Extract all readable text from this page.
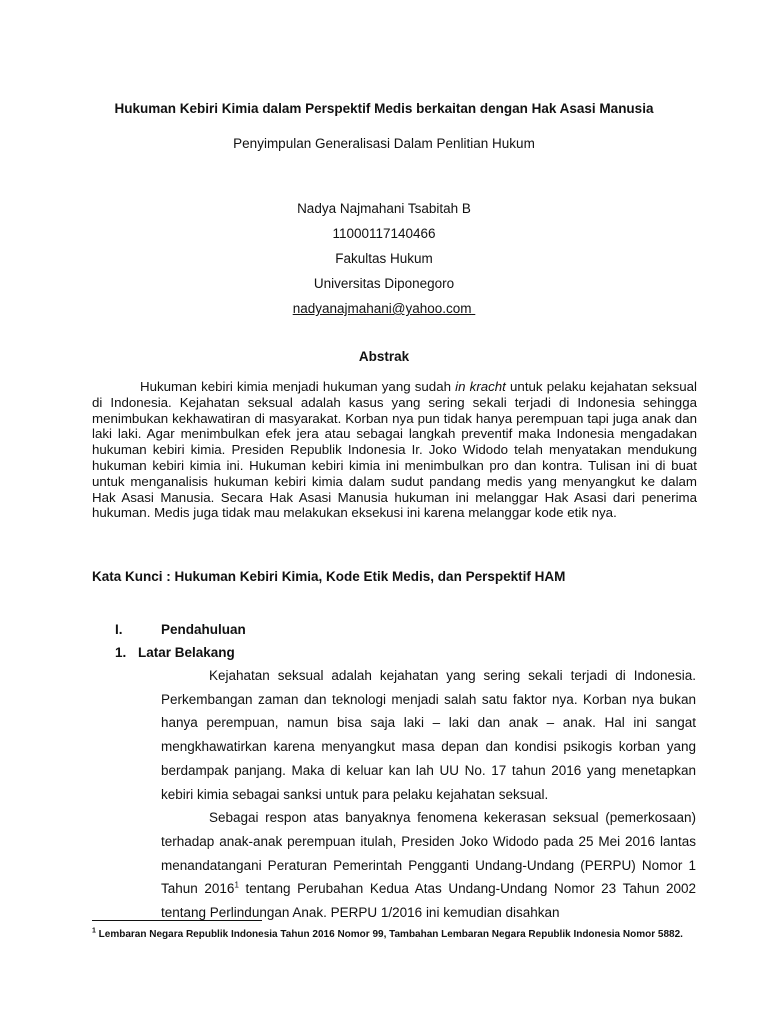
Hukuman Kebiri Kimia dalam Perspektif Medis berkaitan dengan Hak Asasi Manusia
Penyimpulan Generalisasi Dalam Penlitian Hukum
Nadya Najmahani Tsabitah B
11000117140466
Fakultas Hukum
Universitas Diponegoro
nadyanajmahani@yahoo.com
Abstrak

Hukuman kebiri kimia menjadi hukuman yang sudah in kracht untuk pelaku kejahatan seksual di Indonesia. Kejahatan seksual adalah kasus yang sering sekali terjadi di Indonesia sehingga menimbukan kekhawatiran di masyarakat. Korban nya pun tidak hanya perempuan tapi juga anak dan laki laki. Agar menimbulkan efek jera atau sebagai langkah preventif maka Indonesia mengadakan hukuman kebiri kimia. Presiden Republik Indonesia Ir. Joko Widodo telah menyatakan mendukung hukuman kebiri kimia ini. Hukuman kebiri kimia ini menimbulkan pro dan kontra. Tulisan ini di buat untuk menganalisis hukuman kebiri kimia dalam sudut pandang medis yang menyangkut ke dalam Hak Asasi Manusia. Secara Hak Asasi Manusia hukuman ini melanggar Hak Asasi dari penerima hukuman. Medis juga tidak mau melakukan eksekusi ini karena melanggar kode etik nya.

Kata Kunci : Hukuman Kebiri Kimia, Kode Etik Medis, dan Perspektif HAM
I.	Pendahuluan
1. Latar Belakang

Kejahatan seksual adalah kejahatan yang sering sekali terjadi di Indonesia. Perkembangan zaman dan teknologi menjadi salah satu faktor nya. Korban nya bukan hanya perempuan, namun bisa saja laki – laki dan anak – anak. Hal ini sangat mengkhawatirkan karena menyangkut masa depan dan kondisi psikogis korban yang berdampak panjang. Maka di keluar kan lah UU No. 17 tahun 2016 yang menetapkan kebiri kimia sebagai sanksi untuk para pelaku kejahatan seksual.

Sebagai respon atas banyaknya fenomena kekerasan seksual (pemerkosaan) terhadap anak-anak perempuan itulah, Presiden Joko Widodo pada 25 Mei 2016 lantas menandatangani Peraturan Pemerintah Pengganti Undang-Undang (PERPU) Nomor 1 Tahun 2016$^1$ tentang Perubahan Kedua Atas Undang-Undang Nomor 23 Tahun 2002 tentang Perlindungan Anak. PERPU 1/2016 ini kemudian disahkan

$^1$ Lembaran Negara Republik Indonesia Tahun 2016 Nomor 99, Tambahan Lembaran Negara Republik Indonesia Nomor 5882.
